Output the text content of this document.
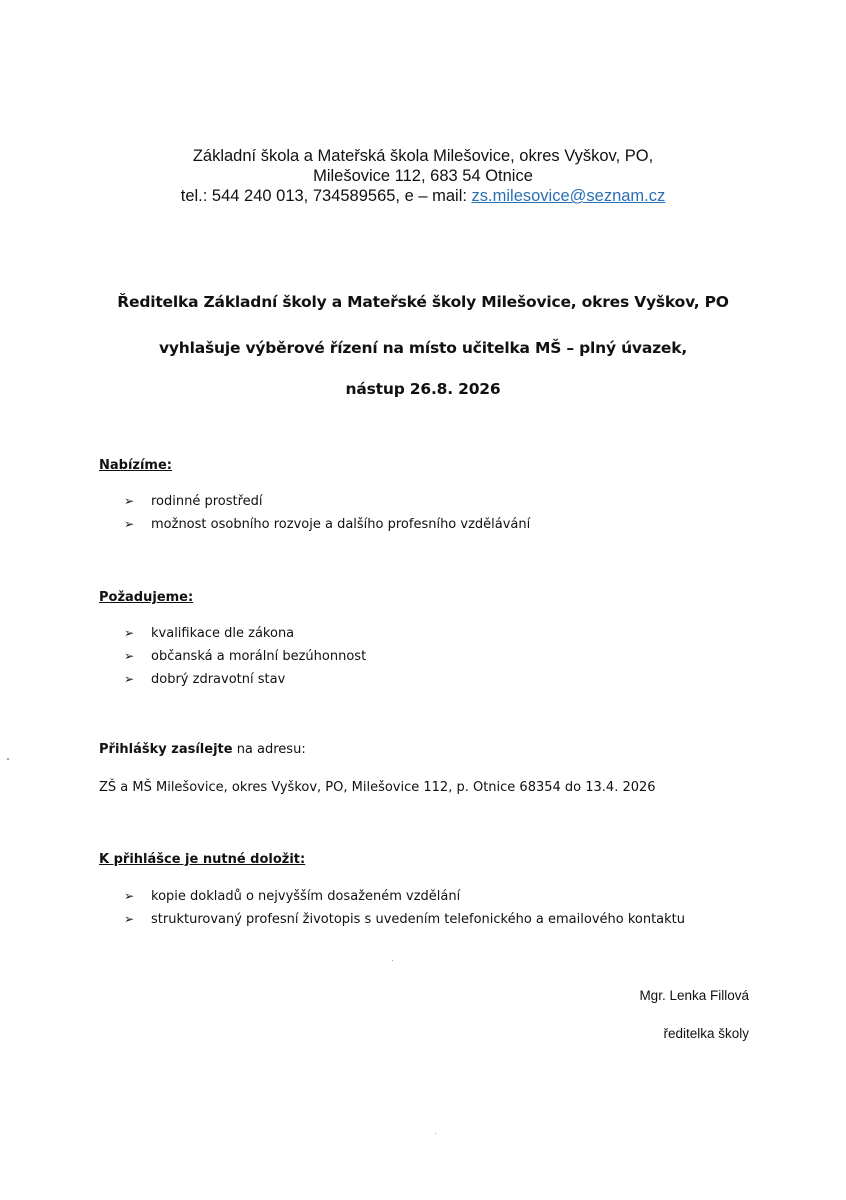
Základní škola a Mateřská škola Milešovice, okres Vyškov, PO,
Milešovice 112, 683 54 Otnice
tel.: 544 240 013, 734589565, e – mail: zs.milesovice@seznam.cz
Ředitelka Základní školy a Mateřské školy Milešovice, okres Vyškov, PO
vyhlašuje výběrové řízení na místo učitelka MŠ – plný úvazek,
nástup 26.8. 2026
Nabízíme:
➢ rodinné prostředí
➢ možnost osobního rozvoje a dalšího profesního vzdělávání
Požadujeme:
➢ kvalifikace dle zákona
➢ občanská a morální bezúhonnost
➢ dobrý zdravotní stav
Přihlášky zasílejte na adresu:
ZŠ a MŠ Milešovice, okres Vyškov, PO, Milešovice 112, p. Otnice 68354 do 13.4. 2026
K přihlášce je nutné doložit:
➢ kopie dokladů o nejvyšším dosaženém vzdělání
➢ strukturovaný profesní životopis s uvedením telefonického a emailového kontaktu
Mgr. Lenka Fillová
ředitelka školy
